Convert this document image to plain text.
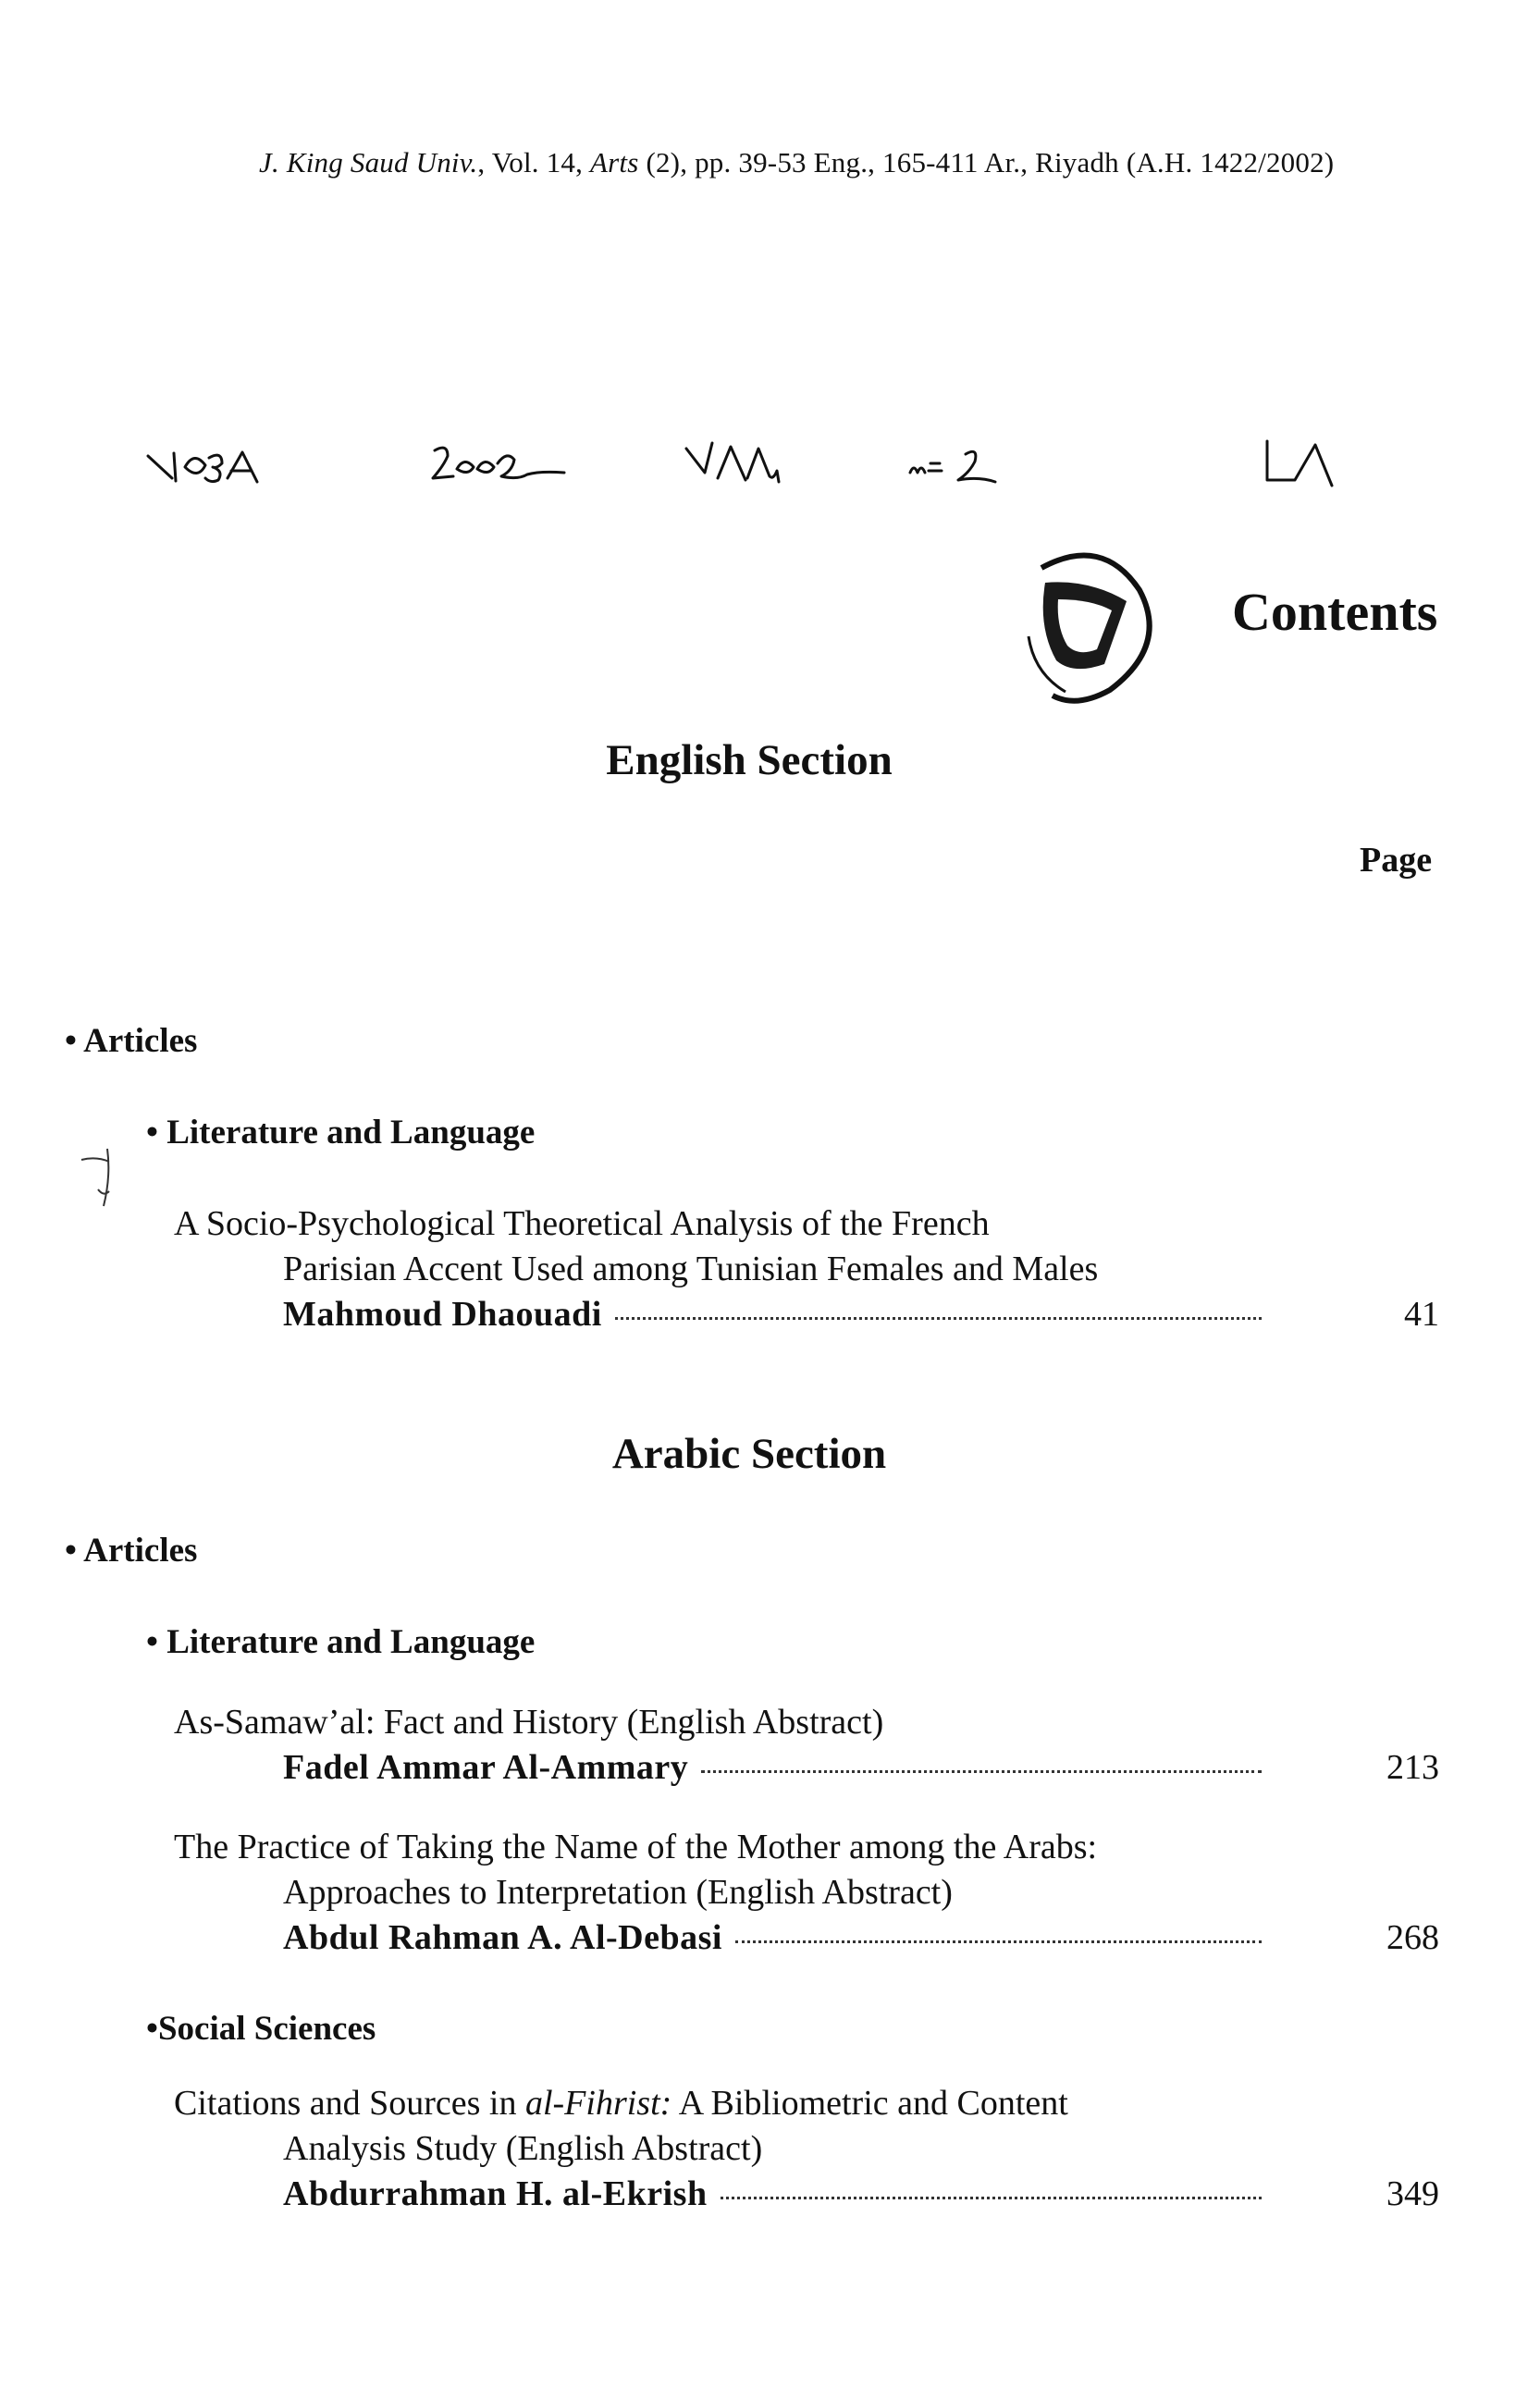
J. King Saud Univ., Vol. 14, Arts (2), pp. 39-53 Eng., 165-411 Ar., Riyadh (A.H. 1422/2002)
Contents
English Section
Page
• Articles
• Literature and Language
A Socio-Psychological Theoretical Analysis of the French
Parisian Accent Used among Tunisian Females and Males
Mahmoud Dhaouadi	41
Arabic Section
• Articles
• Literature and Language
As-Samaw’al: Fact and History (English Abstract)
Fadel Ammar Al-Ammary	213
The Practice of Taking the Name of the Mother among the Arabs:
Approaches to Interpretation (English Abstract)
Abdul Rahman A. Al-Debasi	268
•Social Sciences
Citations and Sources in al-Fihrist: A Bibliometric and Content
Analysis Study (English Abstract)
Abdurrahman H. al-Ekrish	349
